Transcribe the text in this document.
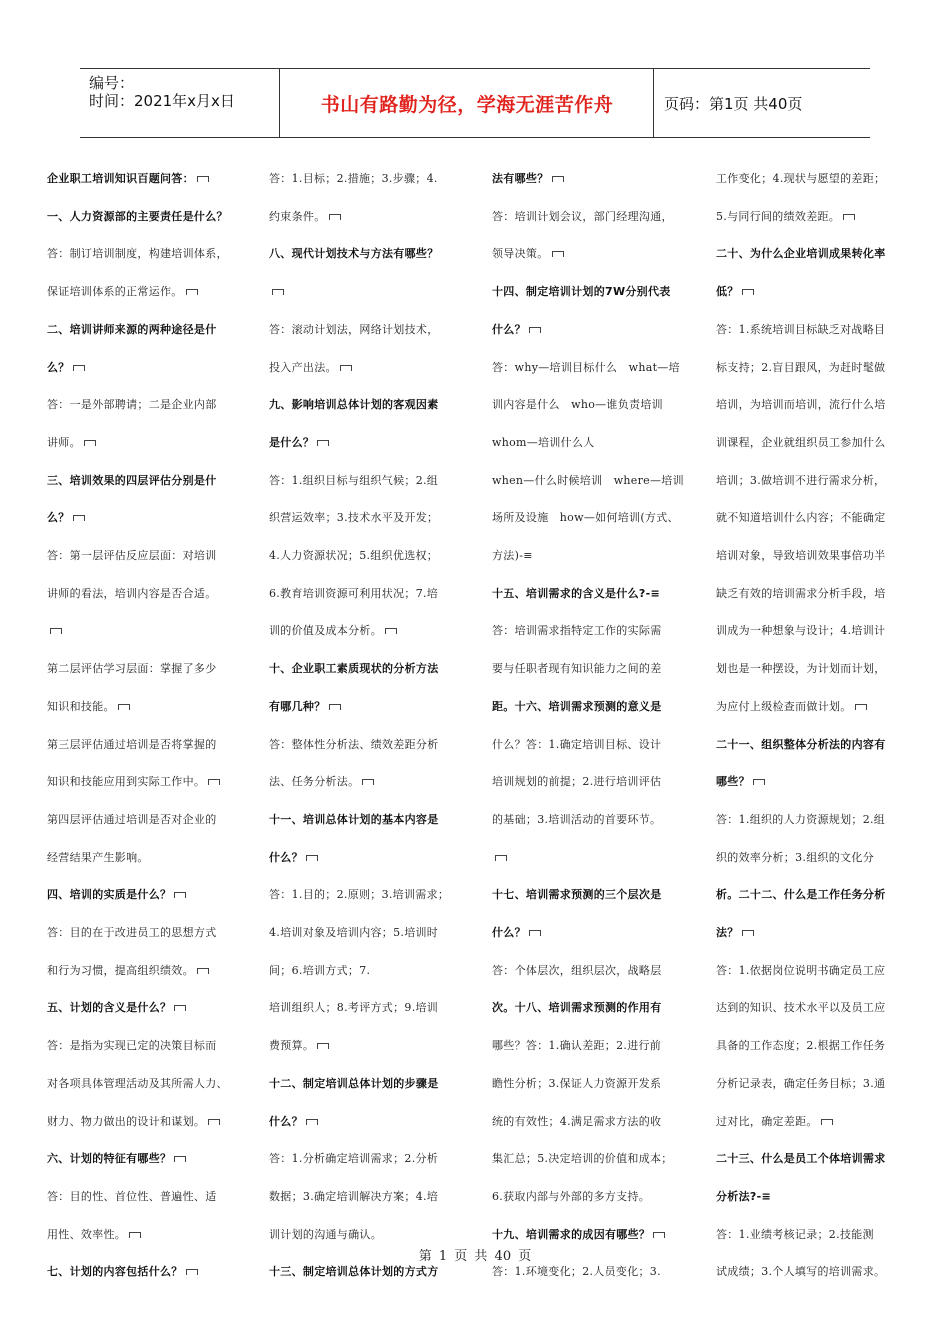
编号：
时间：2021年x月x日	书山有路勤为径，学海无涯苦作舟	页码：第1页 共40页

企业职工培训知识百题问答：

一、人力资源部的主要责任是什么？

答：制订培训制度，构建培训体系，

保证培训体系的正常运作。

二、培训讲师来源的两种途径是什

么？

答：一是外部聘请；二是企业内部

讲师。

三、培训效果的四层评估分别是什

么？

答：第一层评估反应层面：对培训

讲师的看法，培训内容是否合适。

第二层评估学习层面：掌握了多少

知识和技能。

第三层评估通过培训是否将掌握的

知识和技能应用到实际工作中。

第四层评估通过培训是否对企业的

经营结果产生影响。

四、培训的实质是什么？

答：目的在于改进员工的思想方式

和行为习惯，提高组织绩效。

五、计划的含义是什么？

答：是指为实现已定的决策目标而

对各项具体管理活动及其所需人力、

财力、物力做出的设计和谋划。

六、计划的特征有哪些？

答：目的性、首位性、普遍性、适

用性、效率性。

七、计划的内容包括什么？

答：1.目标；2.措施；3.步骤；4.

约束条件。

八、现代计划技术与方法有哪些？

答：滚动计划法，网络计划技术，

投入产出法。

九、影响培训总体计划的客观因素

是什么？

答：1.组织目标与组织气候；2.组

织营运效率；3.技术水平及开发；

4.人力资源状况；5.组织优选权；

6.教育培训资源可利用状况；7.培

训的价值及成本分析。

十、企业职工素质现状的分析方法

有哪几种？

答：整体性分析法、绩效差距分析

法、任务分析法。

十一、培训总体计划的基本内容是

什么？

答：1.目的；2.原则；3.培训需求；

4.培训对象及培训内容；5.培训时

间；6.培训方式；7.

培训组织人；8.考评方式；9.培训

费预算。

十二、制定培训总体计划的步骤是

什么？

答：1.分析确定培训需求；2.分析

数据；3.确定培训解决方案；4.培

训计划的沟通与确认。

十三、制定培训总体计划的方式方

法有哪些？

答：培训计划会议，部门经理沟通，

领导决策。

十四、制定培训计划的7W分别代表

什么？

答：why—培训目标什么　what—培

训内容是什么　who—谁负责培训

whom—培训什么人

when—什么时候培训　where—培训

场所及设施　how—如何培训(方式、

方法)-≡

十五、培训需求的含义是什么?-≡

答：培训需求指特定工作的实际需

要与任职者现有知识能力之间的差

距。十六、培训需求预测的意义是

什么？答：1.确定培训目标、设计

培训规划的前提；2.进行培训评估

的基础；3.培训活动的首要环节。

十七、培训需求预测的三个层次是

什么？

答：个体层次，组织层次，战略层

次。十八、培训需求预测的作用有

哪些？答：1.确认差距；2.进行前

瞻性分析；3.保证人力资源开发系

统的有效性；4.满足需求方法的收

集汇总；5.决定培训的价值和成本；

6.获取内部与外部的多方支持。

十九、培训需求的成因有哪些？

答：1.环境变化；2.人员变化；3.

工作变化；4.现状与愿望的差距；

5.与同行间的绩效差距。

二十、为什么企业培训成果转化率

低？

答：1.系统培训目标缺乏对战略目

标支持；2.盲目跟风，为赶时髦做

培训，为培训而培训，流行什么培

训课程，企业就组织员工参加什么

培训；3.做培训不进行需求分析，

就不知道培训什么内容；不能确定

培训对象，导致培训效果事倍功半

缺乏有效的培训需求分析手段，培

训成为一种想象与设计；4.培训计

划也是一种摆设，为计划而计划，

为应付上级检查而做计划。

二十一、组织整体分析法的内容有

哪些？

答：1.组织的人力资源规划；2.组

织的效率分析；3.组织的文化分

析。二十二、什么是工作任务分析

法？

答：1.依据岗位说明书确定员工应

达到的知识、技术水平以及员工应

具备的工作态度；2.根据工作任务

分析记录表，确定任务目标；3.通

过对比，确定差距。

二十三、什么是员工个体培训需求

分析法?-≡

答：1.业绩考核记录；2.技能测

试成绩；3.个人填写的培训需求。

第 1 页 共 40 页
